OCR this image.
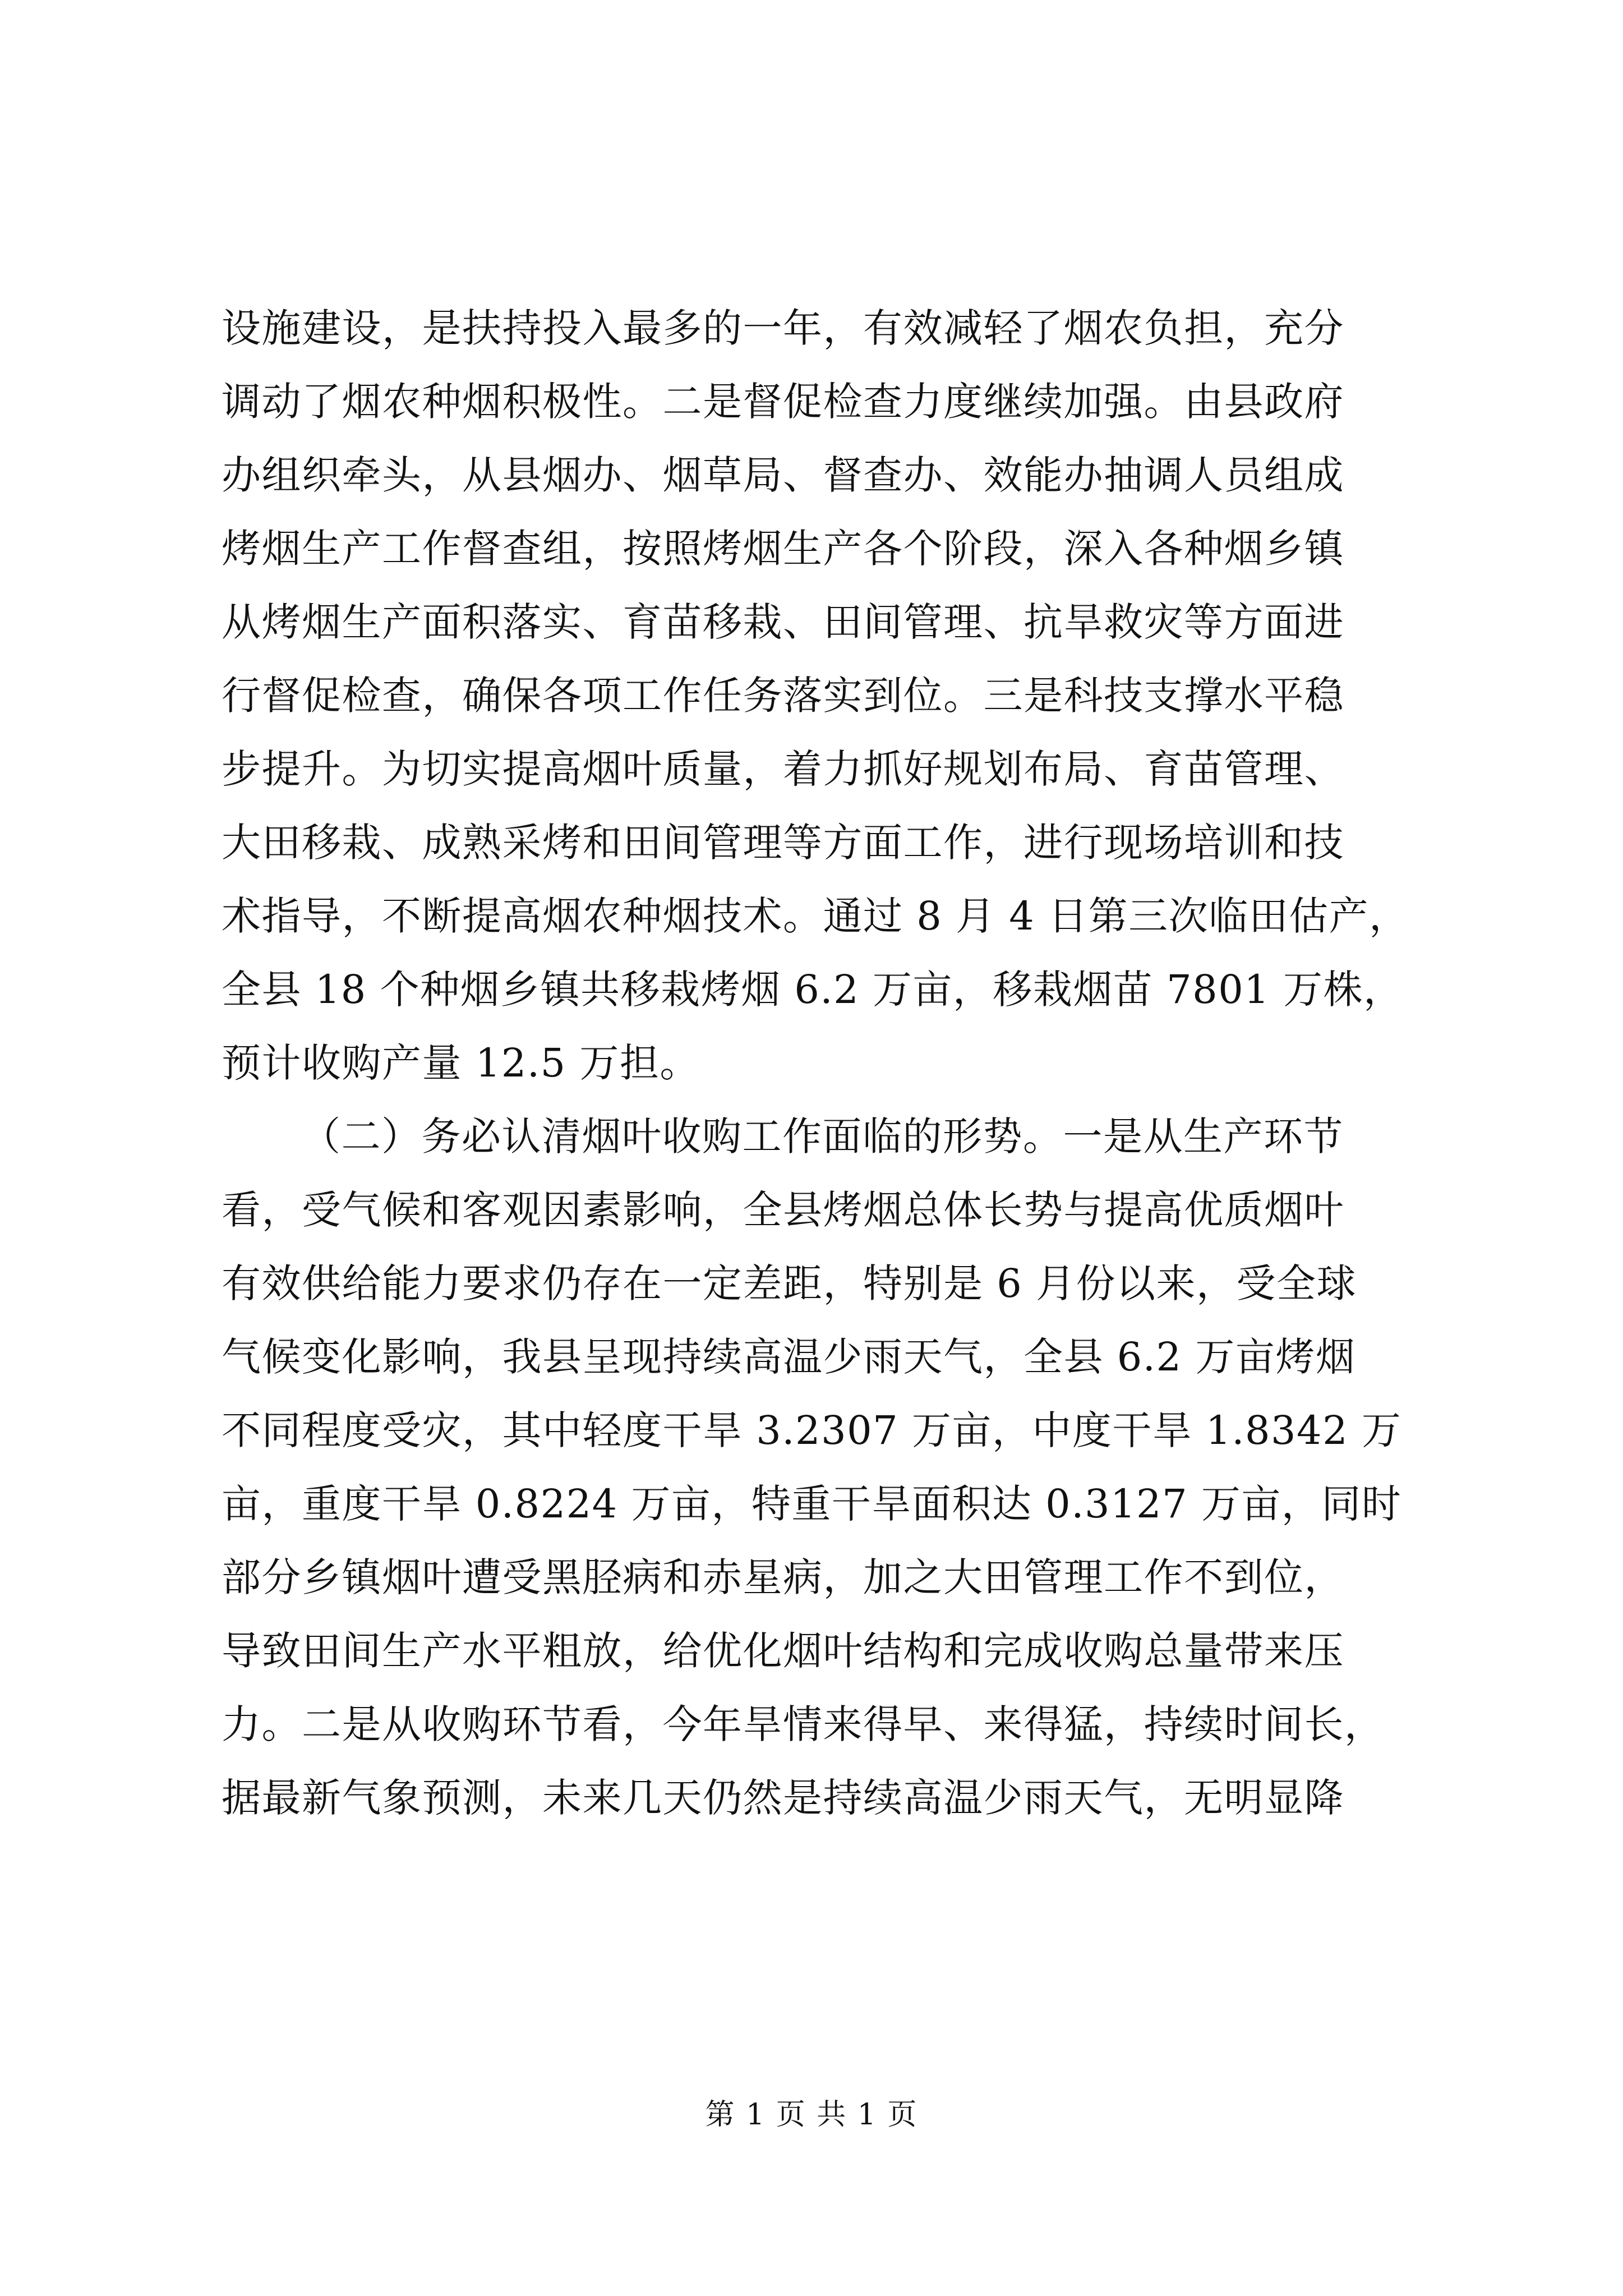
设施建设，是扶持投入最多的一年，有效减轻了烟农负担，充分
调动了烟农种烟积极性。二是督促检查力度继续加强。由县政府
办组织牵头，从县烟办、烟草局、督查办、效能办抽调人员组成
烤烟生产工作督查组，按照烤烟生产各个阶段，深入各种烟乡镇
从烤烟生产面积落实、育苗移栽、田间管理、抗旱救灾等方面进
行督促检查，确保各项工作任务落实到位。三是科技支撑水平稳
步提升。为切实提高烟叶质量，着力抓好规划布局、育苗管理、
大田移栽、成熟采烤和田间管理等方面工作，进行现场培训和技
术指导，不断提高烟农种烟技术。通过 8 月 4 日第三次临田估产，
全县 18 个种烟乡镇共移栽烤烟 6.2 万亩，移栽烟苗 7801 万株，
预计收购产量 12.5 万担。
（二）务必认清烟叶收购工作面临的形势。一是从生产环节
看，受气候和客观因素影响，全县烤烟总体长势与提高优质烟叶
有效供给能力要求仍存在一定差距，特别是 6 月份以来，受全球
气候变化影响，我县呈现持续高温少雨天气，全县 6.2 万亩烤烟
不同程度受灾，其中轻度干旱 3.2307 万亩，中度干旱 1.8342 万
亩，重度干旱 0.8224 万亩，特重干旱面积达 0.3127 万亩，同时
部分乡镇烟叶遭受黑胫病和赤星病，加之大田管理工作不到位，
导致田间生产水平粗放，给优化烟叶结构和完成收购总量带来压
力。二是从收购环节看，今年旱情来得早、来得猛，持续时间长，
据最新气象预测，未来几天仍然是持续高温少雨天气，无明显降
第 1 页 共 1 页
